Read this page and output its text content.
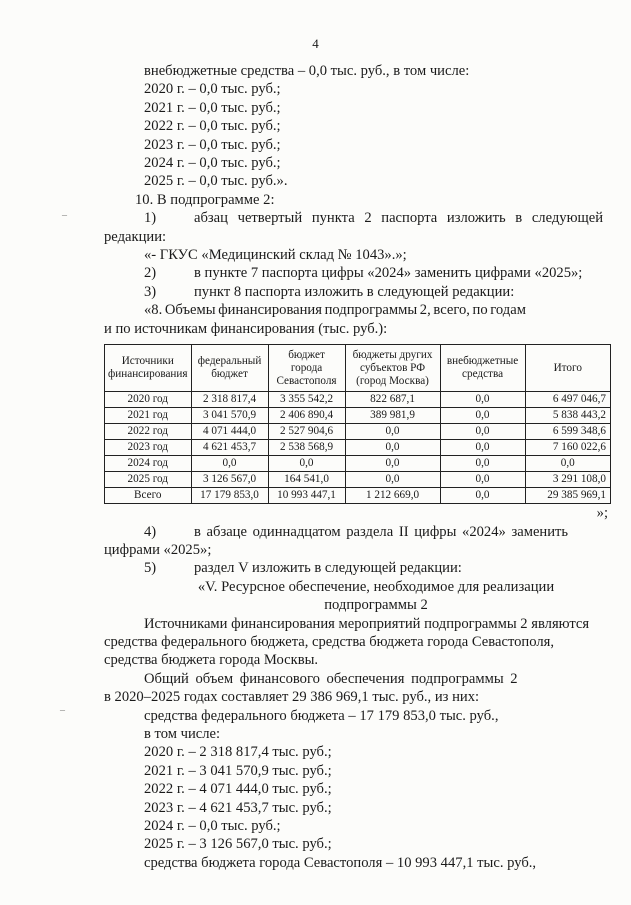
4
внебюджетные средства – 0,0 тыс. руб., в том числе:
2020 г. – 0,0 тыс. руб.;
2021 г. – 0,0 тыс. руб.;
2022 г. – 0,0 тыс. руб.;
2023 г. – 0,0 тыс. руб.;
2024 г. – 0,0 тыс. руб.;
2025 г. – 0,0 тыс. руб.».
10. В подпрограмме 2:
1)	абзац четвертый пункта 2 паспорта изложить в следующей
редакции:
«- ГКУС «Медицинский склад № 1043».»;
2)	в пункте 7 паспорта цифры «2024» заменить цифрами «2025»;
3)	пункт 8 паспорта изложить в следующей редакции:
«8. Объемы финансирования подпрограммы 2, всего, по годам
и по источникам финансирования (тыс. руб.):
Источники финансирования	федеральный бюджет	бюджет города Севастополя	бюджеты других субъектов РФ (город Москва)	внебюджетные средства	Итого
2020 год	2 318 817,4	3 355 542,2	822 687,1	0,0	6 497 046,7
2021 год	3 041 570,9	2 406 890,4	389 981,9	0,0	5 838 443,2
2022 год	4 071 444,0	2 527 904,6	0,0	0,0	6 599 348,6
2023 год	4 621 453,7	2 538 568,9	0,0	0,0	7 160 022,6
2024 год	0,0	0,0	0,0	0,0	0,0
2025 год	3 126 567,0	164 541,0	0,0	0,0	3 291 108,0
Всего	17 179 853,0	10 993 447,1	1 212 669,0	0,0	29 385 969,1
»;
4)	в абзаце одиннадцатом раздела II цифры «2024» заменить
цифрами «2025»;
5)	раздел V изложить в следующей редакции:
«V. Ресурсное обеспечение, необходимое для реализации
подпрограммы 2
Источниками финансирования мероприятий подпрограммы 2 являются
средства федерального бюджета, средства бюджета города Севастополя,
средства бюджета города Москвы.
Общий объем финансового обеспечения подпрограммы 2
в 2020–2025 годах составляет 29 386 969,1 тыс. руб., из них:
средства федерального бюджета – 17 179 853,0 тыс. руб.,
в том числе:
2020 г. – 2 318 817,4 тыс. руб.;
2021 г. – 3 041 570,9 тыс. руб.;
2022 г. – 4 071 444,0 тыс. руб.;
2023 г. – 4 621 453,7 тыс. руб.;
2024 г. – 0,0 тыс. руб.;
2025 г. – 3 126 567,0 тыс. руб.;
средства бюджета города Севастополя – 10 993 447,1 тыс. руб.,
–
–
